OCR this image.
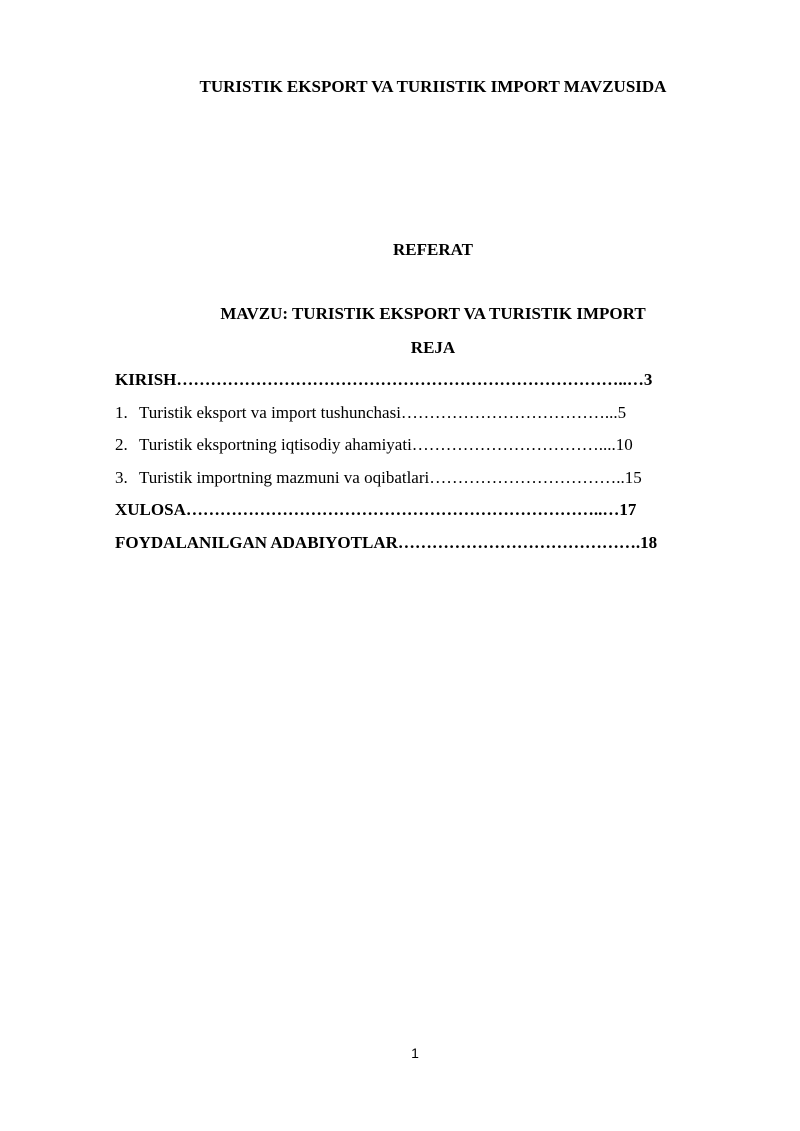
TURISTIK EKSPORT VA TURIISTIK IMPORT MAVZUSIDA
REFERAT
MAVZU: TURISTIK EKSPORT VA TURISTIK IMPORT
REJA
KIRISH……………………………………………………………………..…3
1. Turistik eksport va import tushunchasi………………………………...5
2. Turistik eksportning iqtisodiy ahamiyati……………………………....10
3. Turistik importning mazmuni va oqibatlari……………………………..15
XULOSA………………………………………………………………..…17
FOYDALANILGAN ADABIYOTLAR…………………………………….18
1
